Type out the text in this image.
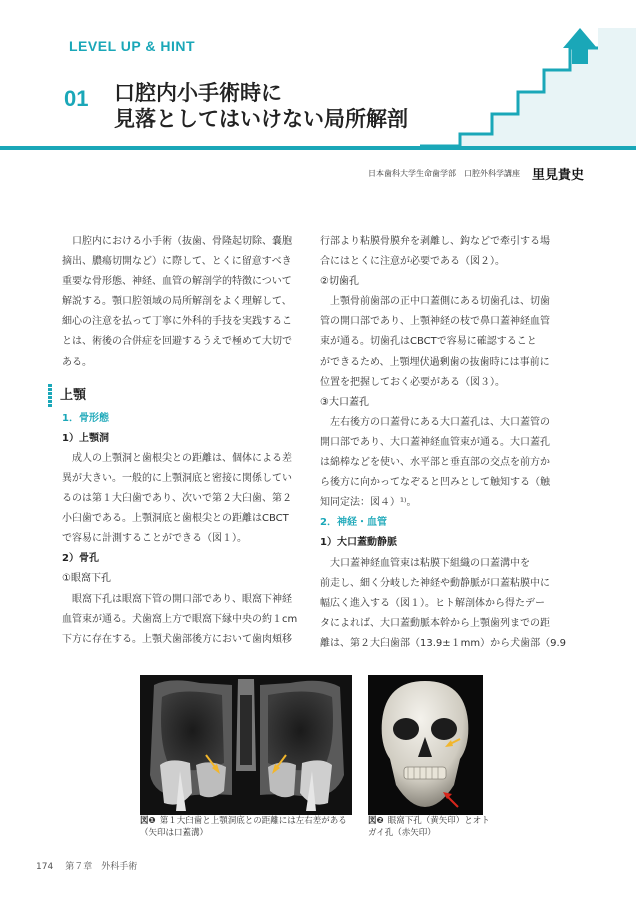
LEVEL UP & HINT
01 口腔内小手術時に
見落としてはいけない局所解剖
日本歯科大学生命歯学部　口腔外科学講座 里見貴史
口腔内における小手術（抜歯、骨隆起切除、嚢胞
摘出、膿瘍切開など）に際して、とくに留意すべき
重要な骨形態、神経、血管の解剖学的特徴について
解説する。顎口腔領域の局所解剖をよく理解して、
細心の注意を払って丁寧に外科的手技を実践するこ
とは、術後の合併症を回避するうえで極めて大切で
ある。
上顎
1．骨形態
1）上顎洞
成人の上顎洞と歯根尖との距離は、個体による差
異が大きい。一般的に上顎洞底と密接に関係してい
るのは第１大臼歯であり、次いで第２大臼歯、第２
小臼歯である。上顎洞底と歯根尖との距離はCBCT
で容易に計測することができる（図１）。
2）骨孔
①眼窩下孔
眼窩下孔は眼窩下管の開口部であり、眼窩下神経
血管束が通る。犬歯窩上方で眼窩下縁中央の約１cm
下方に存在する。上顎犬歯部後方において歯肉頬移
行部より粘膜骨膜弁を剥離し、鈎などで牽引する場
合にはとくに注意が必要である（図２）。
②切歯孔
上顎骨前歯部の正中口蓋側にある切歯孔は、切歯
管の開口部であり、上顎神経の枝で鼻口蓋神経血管
束が通る。切歯孔はCBCTで容易に確認すること
ができるため、上顎埋伏過剰歯の抜歯時には事前に
位置を把握しておく必要がある（図３）。
③大口蓋孔
左右後方の口蓋骨にある大口蓋孔は、大口蓋管の
開口部であり、大口蓋神経血管束が通る。大口蓋孔
は綿棒などを使い、水平部と垂直部の交点を前方か
ら後方に向かってなぞると凹みとして触知する（触
知同定法：図４）¹⁾。
2．神経・血管
1）大口蓋動静脈
大口蓋神経血管束は粘膜下組織の口蓋溝中を
前走し、細く分岐した神経や動静脈が口蓋粘膜中に
幅広く進入する（図１）。ヒト解剖体から得たデー
タによれば、大口蓋動脈本幹から上顎歯列までの距
離は、第２大臼歯部（13.9±１mm）から犬歯部（9.9
図❶ 第１大臼歯と上顎洞底との距離には左右差がある（矢印は口蓋溝）
図❷ 眼窩下孔（黄矢印）とオトガイ孔（赤矢印）
174 第７章　外科手術
